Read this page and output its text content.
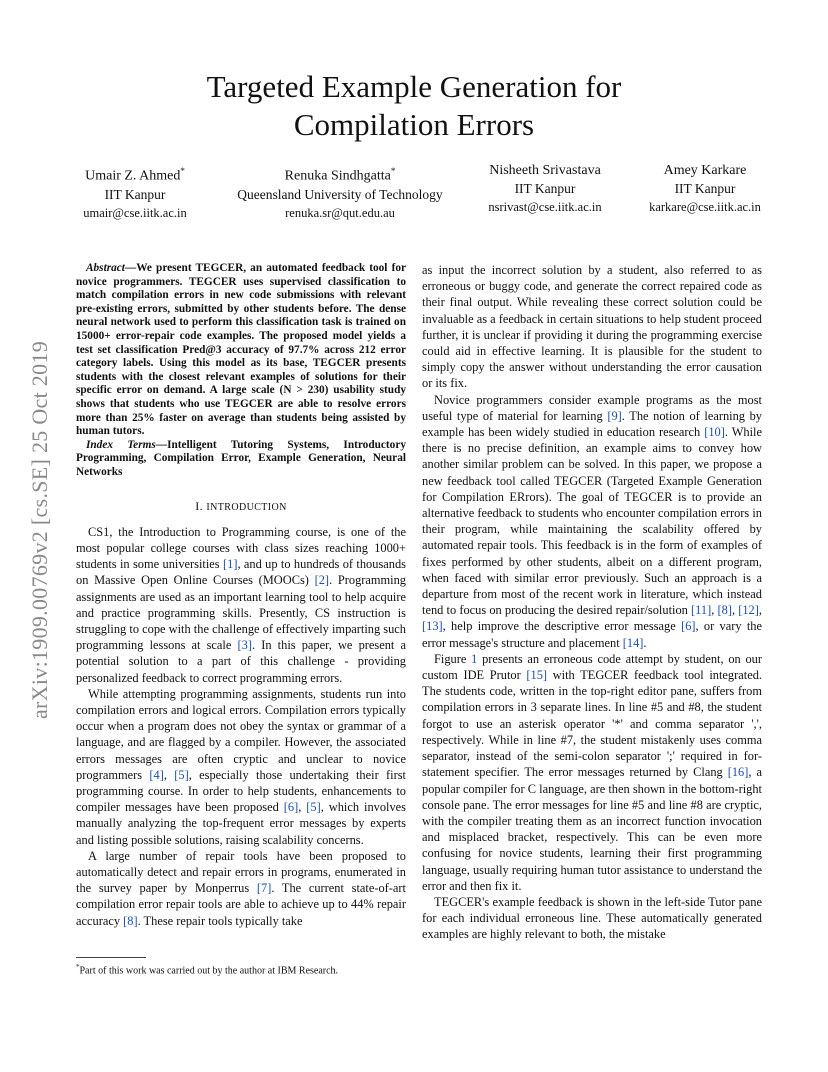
arXiv:1909.00769v2 [cs.SE] 25 Oct 2019
Targeted Example Generation for
Compilation Errors
Umair Z. Ahmed*
IIT Kanpur
umair@cse.iitk.ac.in
Renuka Sindhgatta*
Queensland University of Technology
renuka.sr@qut.edu.au
Nisheeth Srivastava
IIT Kanpur
nsrivast@cse.iitk.ac.in
Amey Karkare
IIT Kanpur
karkare@cse.iitk.ac.in

Abstract—We present TEGCER, an automated feedback tool for novice programmers. TEGCER uses supervised classification to match compilation errors in new code submissions with relevant pre-existing errors, submitted by other students before. The dense neural network used to perform this classification task is trained on 15000+ error-repair code examples. The proposed model yields a test set classification Pred@3 accuracy of 97.7% across 212 error category labels. Using this model as its base, TEGCER presents students with the closest relevant examples of solutions for their specific error on demand. A large scale (N > 230) usability study shows that students who use TEGCER are able to resolve errors more than 25% faster on average than students being assisted by human tutors.

Index Terms—Intelligent Tutoring Systems, Introductory Programming, Compilation Error, Example Generation, Neural Networks

I. INTRODUCTION

CS1, the Introduction to Programming course, is one of the most popular college courses with class sizes reaching 1000+ students in some universities [1], and up to hundreds of thousands on Massive Open Online Courses (MOOCs) [2]. Programming assignments are used as an important learning tool to help acquire and practice programming skills. Presently, CS instruction is struggling to cope with the challenge of effectively imparting such programming lessons at scale [3]. In this paper, we present a potential solution to a part of this challenge - providing personalized feedback to correct programming errors.

While attempting programming assignments, students run into compilation errors and logical errors. Compilation errors typically occur when a program does not obey the syntax or grammar of a language, and are flagged by a compiler. However, the associated errors messages are often cryptic and unclear to novice programmers [4], [5], especially those undertaking their first programming course. In order to help students, enhancements to compiler messages have been proposed [6], [5], which involves manually analyzing the top-frequent error messages by experts and listing possible solutions, raising scalability concerns.

A large number of repair tools have been proposed to automatically detect and repair errors in programs, enumerated in the survey paper by Monperrus [7]. The current state-of-art compilation error repair tools are able to achieve up to 44% repair accuracy [8]. These repair tools typically take

as input the incorrect solution by a student, also referred to as erroneous or buggy code, and generate the correct repaired code as their final output. While revealing these correct solution could be invaluable as a feedback in certain situations to help student proceed further, it is unclear if providing it during the programming exercise could aid in effective learning. It is plausible for the student to simply copy the answer without understanding the error causation or its fix.

Novice programmers consider example programs as the most useful type of material for learning [9]. The notion of learning by example has been widely studied in education research [10]. While there is no precise definition, an example aims to convey how another similar problem can be solved. In this paper, we propose a new feedback tool called TEGCER (Targeted Example Generation for Compilation ERrors). The goal of TEGCER is to provide an alternative feedback to students who encounter compilation errors in their program, while maintaining the scalability offered by automated repair tools. This feedback is in the form of examples of fixes performed by other students, albeit on a different program, when faced with similar error previously. Such an approach is a departure from most of the recent work in literature, which instead tend to focus on producing the desired repair/solution [11], [8], [12], [13], help improve the descriptive error message [6], or vary the error message's structure and placement [14].

Figure 1 presents an erroneous code attempt by student, on our custom IDE Prutor [15] with TEGCER feedback tool integrated. The students code, written in the top-right editor pane, suffers from compilation errors in 3 separate lines. In line #5 and #8, the student forgot to use an asterisk operator '*' and comma separator ',', respectively. While in line #7, the student mistakenly uses comma separator, instead of the semi-colon separator ';' required in for-statement specifier. The error messages returned by Clang [16], a popular compiler for C language, are then shown in the bottom-right console pane. The error messages for line #5 and line #8 are cryptic, with the compiler treating them as an incorrect function invocation and misplaced bracket, respectively. This can be even more confusing for novice students, learning their first programming language, usually requiring human tutor assistance to understand the error and then fix it.

TEGCER's example feedback is shown in the left-side Tutor pane for each individual erroneous line. These automatically generated examples are highly relevant to both, the mistake

*Part of this work was carried out by the author at IBM Research.
